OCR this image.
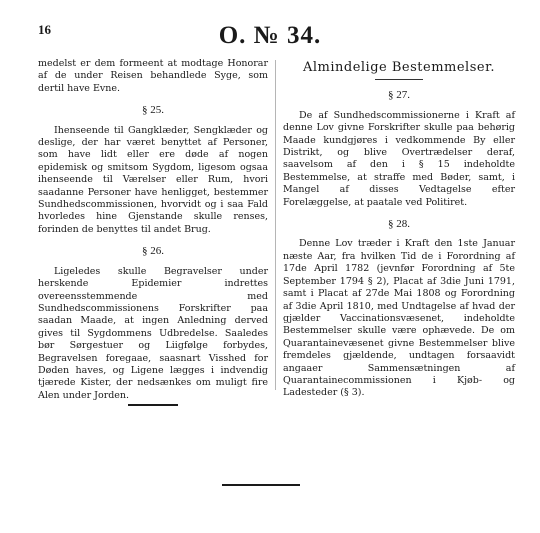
16	O. № 34.

medelst er dem formeent at modtage Honorar af de under Reisen behandlede Syge, som dertil have Evne.

§ 25.

Ihenseende til Gangklæder, Sengklæder og deslige, der har været benyttet af Personer, som have lidt eller ere døde af nogen epidemisk og smitsom Sygdom, ligesom ogsaa ihenseende til Værelser eller Rum, hvori saadanne Personer have henligget, bestemmer Sundhedscommissionen, hvorvidt og i saa Fald hvorledes hine Gjenstande skulle renses, forinden de benyttes til andet Brug.

§ 26.

Ligeledes skulle Begravelser under herskende Epidemier indrettes overeensstemmende med Sundhedscommissionens Forskrifter paa saadan Maade, at ingen Anledning derved gives til Sygdommens Udbredelse. Saaledes bør Sørgestuer og Liigfølge forbydes, Begravelsen foregaae, saasnart Visshed for Døden haves, og Ligene lægges i indvendig tjærede Kister, der nedsænkes om muligt fire Alen under Jorden.

Almindelige Bestemmelser.
§ 27.

De af Sundhedscommissionerne i Kraft af denne Lov givne Forskrifter skulle paa behørig Maade kundgjøres i vedkommende By eller Distrikt, og blive Overtrædelser deraf, saavelsom af den i § 15 indeholdte Bestemmelse, at straffe med Bøder, samt, i Mangel af disses Vedtagelse efter Forelæggelse, at paatale ved Politiret.

§ 28.

Denne Lov træder i Kraft den 1ste Januar næste Aar, fra hvilken Tid de i Forordning af 17de April 1782 (jevnfør Forordning af 5te September 1794 § 2), Placat af 3die Juni 1791, samt i Placat af 27de Mai 1808 og Forordning af 3die April 1810, med Undtagelse af hvad der gjælder Vaccinationsvæsenet, indeholdte Bestemmelser skulle være ophævede. De om Quarantainevæsenet givne Bestemmelser blive fremdeles gjældende, undtagen forsaavidt angaaer Sammensætningen af Quarantainecommissionen i Kjøb- og Ladesteder (§ 3).
